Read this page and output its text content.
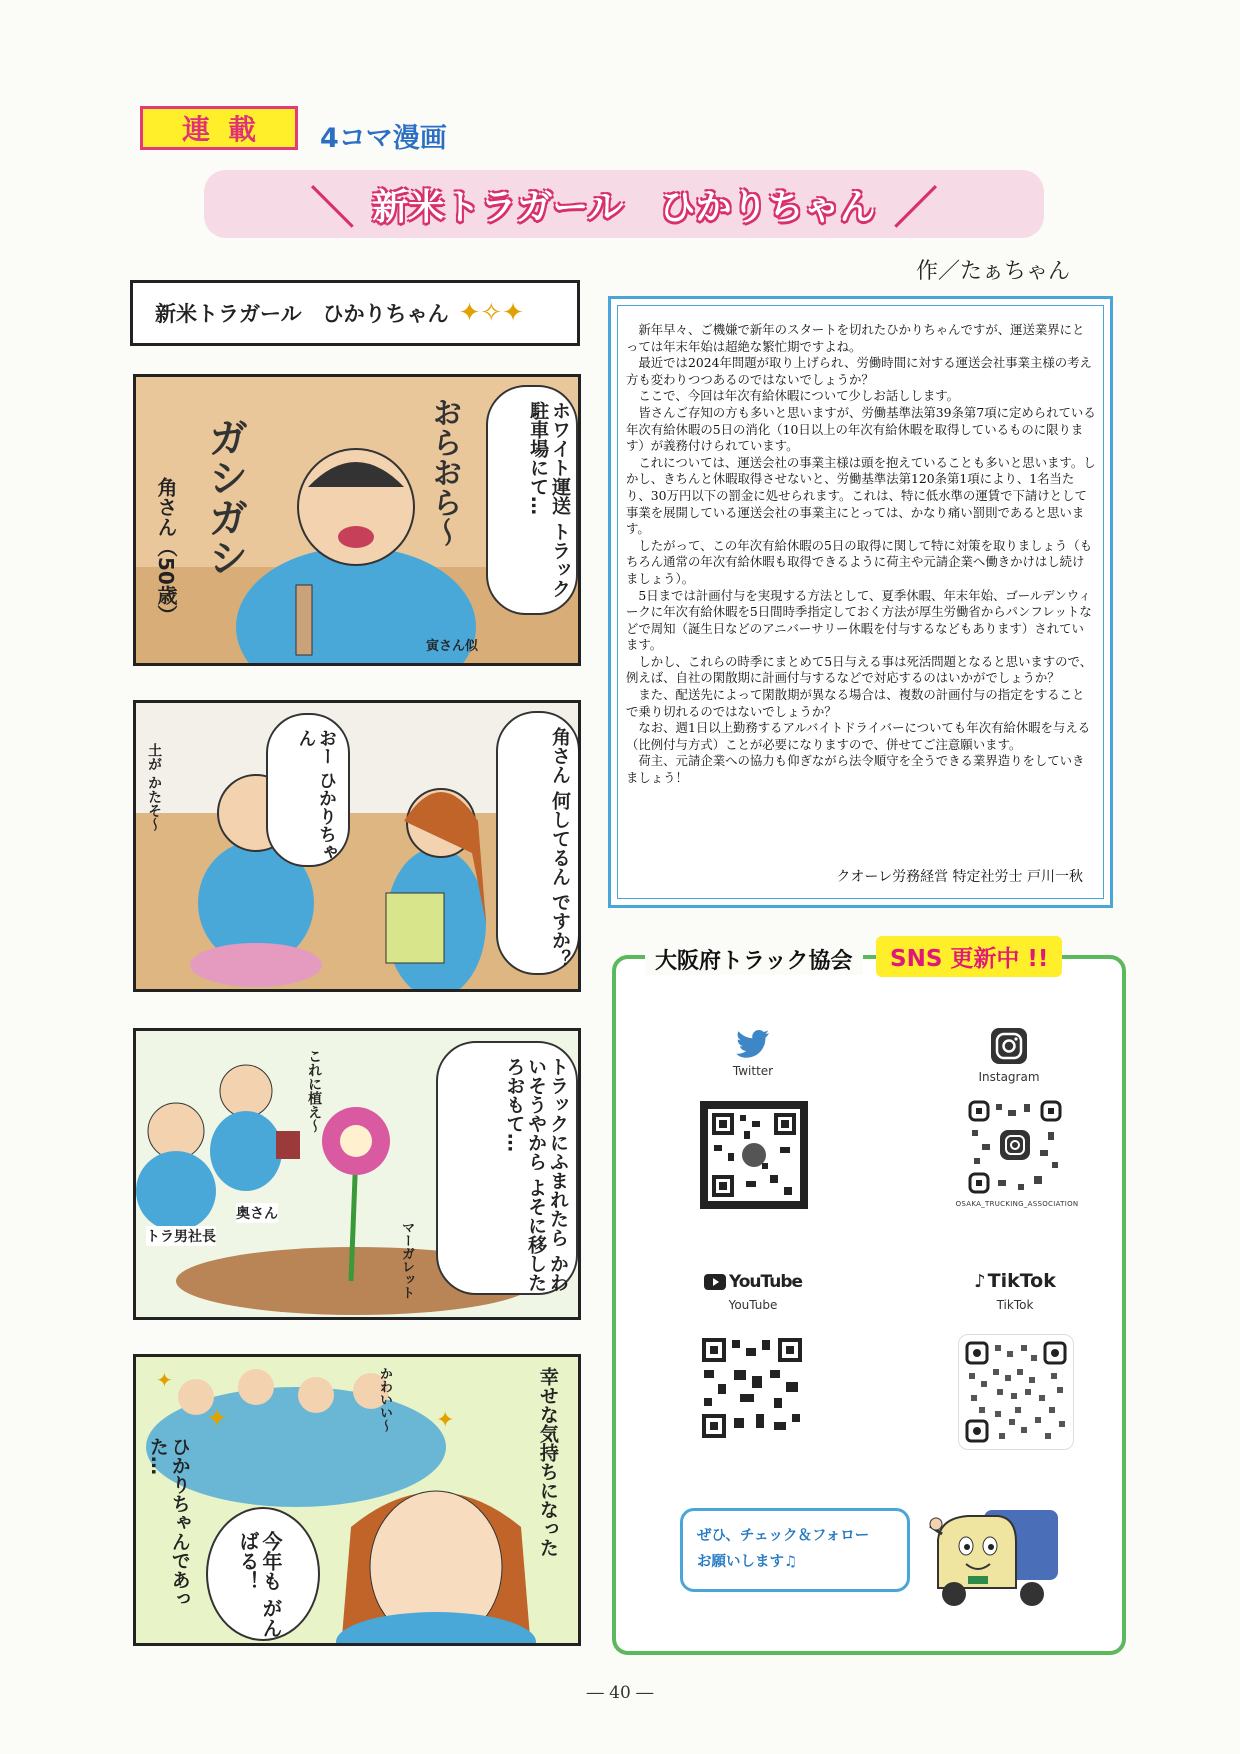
連載 4コマ漫画
＼ 新米トラガール　ひかりちゃん ／
作／たぁちゃん
新米トラガール　ひかりちゃん ✦✧✦
角さん（50歳） ガシガシ	おらおら～	ホワイト運送 トラック駐車場にて…
寅さん似
土が かたそ～	おー ひかりちゃん	角さん 何してるん ですか？
これに植え～
トラ男社長
奥さん
マーガレット	トラックにふまれたら かわいそうやから よそに移したろおもて…
✦
✦
✦
ひかりちゃんであった…
かわいい～	幸せな気持ちになった
今年も がんばる！

新年早々、ご機嫌で新年のスタートを切れたひかりちゃんですが、運送業界にとっては年末年始は超絶な繁忙期ですよね。

最近では2024年問題が取り上げられ、労働時間に対する運送会社事業主様の考え方も変わりつつあるのではないでしょうか？

ここで、今回は年次有給休暇について少しお話しします。

皆さんご存知の方も多いと思いますが、労働基準法第39条第7項に定められている年次有給休暇の5日の消化（10日以上の年次有給休暇を取得しているものに限ります）が義務付けられています。

これについては、運送会社の事業主様は頭を抱えていることも多いと思います。しかし、きちんと休暇取得させないと、労働基準法第120条第1項により、1名当たり、30万円以下の罰金に処せられます。これは、特に低水準の運賃で下請けとして事業を展開している運送会社の事業主にとっては、かなり痛い罰則であると思います。

したがって、この年次有給休暇の5日の取得に関して特に対策を取りましょう（もちろん通常の年次有給休暇も取得できるように荷主や元請企業へ働きかけはし続けましょう）。

5日までは計画付与を実現する方法として、夏季休暇、年末年始、ゴールデンウィークに年次有給休暇を5日間時季指定しておく方法が厚生労働省からパンフレットなどで周知（誕生日などのアニバーサリー休暇を付与するなどもあります）されています。

しかし、これらの時季にまとめて5日与える事は死活問題となると思いますので、例えば、自社の閑散期に計画付与するなどで対応するのはいかがでしょうか？

また、配送先によって閑散期が異なる場合は、複数の計画付与の指定をすることで乗り切れるのではないでしょうか？

なお、週1日以上勤務するアルバイトドライバーについても年次有給休暇を与える（比例付与方式）ことが必要になりますので、併せてご注意願います。

荷主、元請企業への協力も仰ぎながら法令順守を全うできる業界造りをしていきましょう！

クオーレ労務経営 特定社労士 戸川一秋
大阪府トラック協会	SNS 更新中 !!
Twitter	Instagram
OSAKA_TRUCKING_ASSOCIATION
YouTube
YouTube
♪ TikTok
TikTok
ぜひ、チェック＆フォロー
お願いします♫
― 40 ―
